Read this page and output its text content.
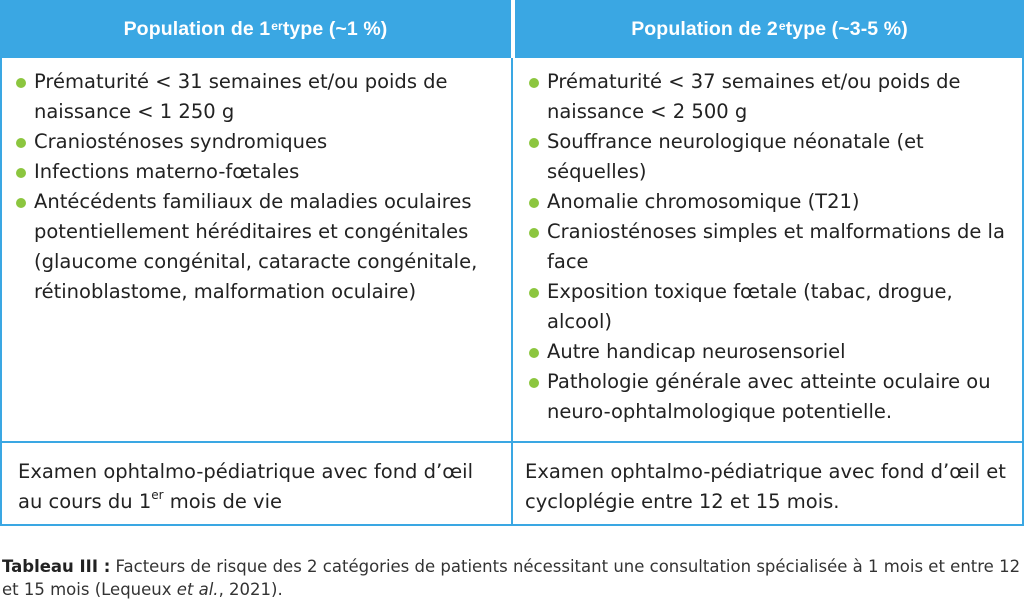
Population de 1er type (~1 %)	Population de 2e type (~3-5 %)
Prématurité < 31 semaines et/ou poids de naissance < 1 250 g
Craniosténoses syndromiques
Infections materno-fœtales
Antécédents familiaux de maladies oculaires potentiellement héréditaires et congénitales (glaucome congénital, cataracte congénitale, rétinoblastome, malformation oculaire)
Prématurité < 37 semaines et/ou poids de naissance < 2 500 g
Souffrance neurologique néonatale (et séquelles)
Anomalie chromosomique (T21)
Craniosténoses simples et malformations de la face
Exposition toxique fœtale (tabac, drogue, alcool)
Autre handicap neurosensoriel
Pathologie générale avec atteinte oculaire ou neuro-ophtalmologique potentielle.
Examen ophtalmo-pédiatrique avec fond d’œil au cours du 1er mois de vie
Examen ophtalmo-pédiatrique avec fond d’œil et cycloplégie entre 12 et 15 mois.
Tableau III : Facteurs de risque des 2 catégories de patients nécessitant une consultation spécialisée à 1 mois et entre 12 et 15 mois (Lequeux et al., 2021).
